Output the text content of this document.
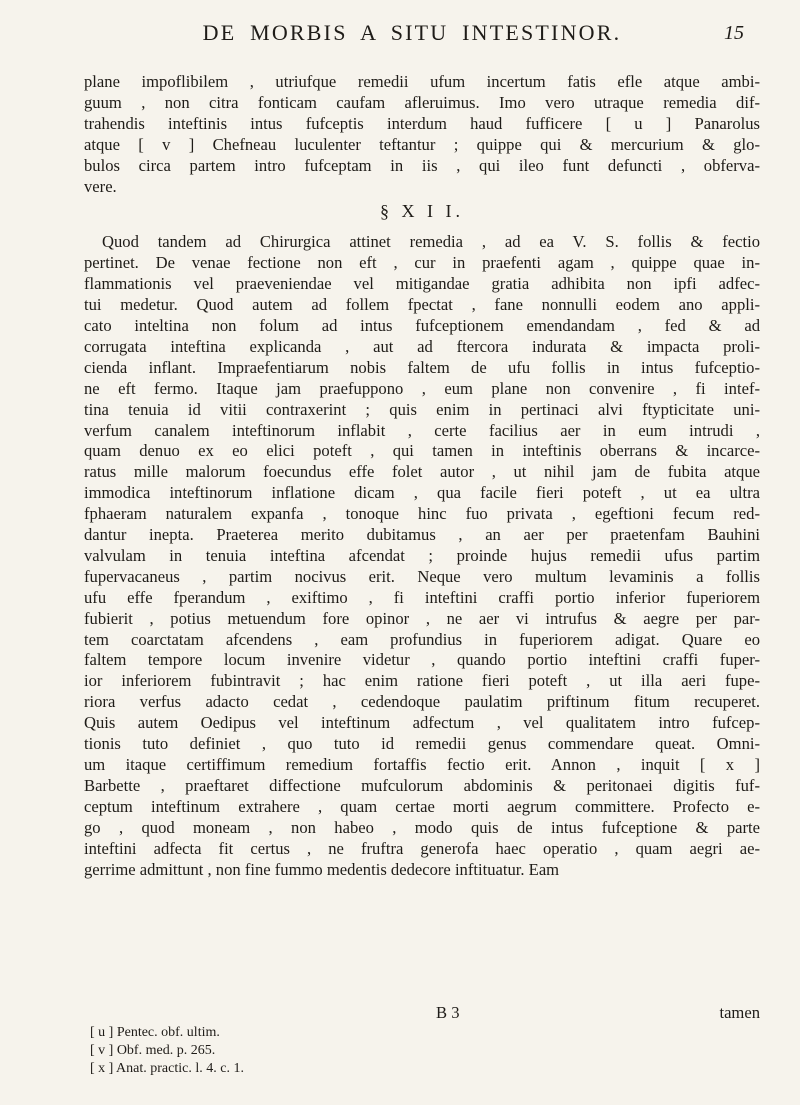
DE MORBIS A SITU INTESTINOR.	15
plane impoflibilem , utriufque remedii ufum incertum fatis efle atque ambi-
guum , non citra fonticam caufam afleruimus. Imo vero utraque remedia dif-
trahendis inteftinis intus fufceptis interdum haud fufficere [ u ] Panarolus
atque [ v ] Chefneau luculenter teftantur ; quippe qui & mercurium & glo-
bulos circa partem intro fufceptam in iis , qui ileo funt defuncti , obferva-
vere.
§ X I I.
Quod tandem ad Chirurgica attinet remedia , ad ea V. S. follis & fectio
pertinet. De venae fectione non eft , cur in praefenti agam , quippe quae in-
flammationis vel praeveniendae vel mitigandae gratia adhibita non ipfi adfec-
tui medetur. Quod autem ad follem fpectat , fane nonnulli eodem ano appli-
cato inteltina non folum ad intus fufceptionem emendandam , fed & ad
corrugata inteftina explicanda , aut ad ftercora indurata & impacta proli-
cienda inflant. Impraefentiarum nobis faltem de ufu follis in intus fufceptio-
ne eft fermo. Itaque jam praefuppono , eum plane non convenire , fi intef-
tina tenuia id vitii contraxerint ; quis enim in pertinaci alvi ftypticitate uni-
verfum canalem inteftinorum inflabit , certe facilius aer in eum intrudi ,
quam denuo ex eo elici poteft , qui tamen in inteftinis oberrans & incarce-
ratus mille malorum foecundus effe folet autor , ut nihil jam de fubita atque
immodica inteftinorum inflatione dicam , qua facile fieri poteft , ut ea ultra
fphaeram naturalem expanfa , tonoque hinc fuo privata , egeftioni fecum red-
dantur inepta. Praeterea merito dubitamus , an aer per praetenfam Bauhini
valvulam in tenuia inteftina afcendat ; proinde hujus remedii ufus partim
fupervacaneus , partim nocivus erit. Neque vero multum levaminis a follis
ufu effe fperandum , exiftimo , fi inteftini craffi portio inferior fuperiorem
fubierit , potius metuendum fore opinor , ne aer vi intrufus & aegre per par-
tem coarctatam afcendens , eam profundius in fuperiorem adigat. Quare eo
faltem tempore locum invenire videtur , quando portio inteftini craffi fuper-
ior inferiorem fubintravit ; hac enim ratione fieri poteft , ut illa aeri fupe-
riora verfus adacto cedat , cedendoque paulatim priftinum fitum recuperet.
Quis autem Oedipus vel inteftinum adfectum , vel qualitatem intro fufcep-
tionis tuto definiet , quo tuto id remedii genus commendare queat. Omni-
um itaque certiffimum remedium fortaffis fectio erit. Annon , inquit [ x ]
Barbette , praeftaret diffectione mufculorum abdominis & peritonaei digitis fuf-
ceptum inteftinum extrahere , quam certae morti aegrum committere. Profecto e-
go , quod moneam , non habeo , modo quis de intus fufceptione & parte
inteftini adfecta fit certus , ne fruftra generofa haec operatio , quam aegri ae-
gerrime admittunt , non fine fummo medentis dedecore inftituatur. Eam
B 3	tamen
[ u ] Pentec. obf. ultim.
[ v ] Obf. med. p. 265.
[ x ] Anat. practic. l. 4. c. 1.
